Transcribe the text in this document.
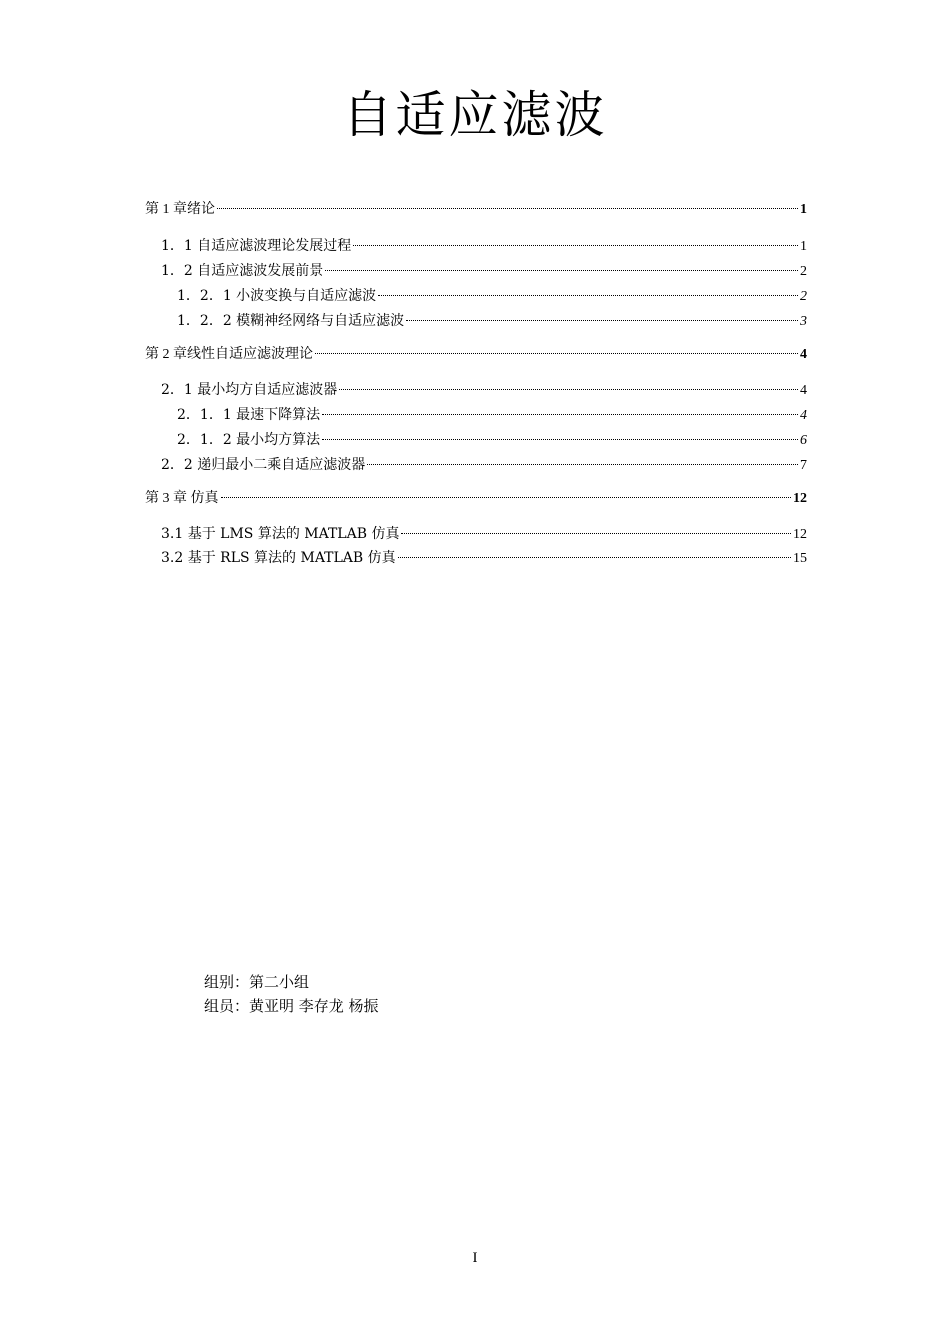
自适应滤波
第 1 章绪论	1
1．1 自适应滤波理论发展过程	1
1．2 自适应滤波发展前景	2
1．2．1 小波变换与自适应滤波	2
1．2．2 模糊神经网络与自适应滤波	3
第 2 章线性自适应滤波理论	4
2．1 最小均方自适应滤波器	4
2．1．1 最速下降算法	4
2．1．2 最小均方算法	6
2．2 递归最小二乘自适应滤波器	7
第 3 章 仿真	12
3.1 基于 LMS 算法的 MATLAB 仿真	12
3.2 基于 RLS 算法的 MATLAB 仿真	15
组别：第二小组
组员：黄亚明 李存龙 杨振
I
